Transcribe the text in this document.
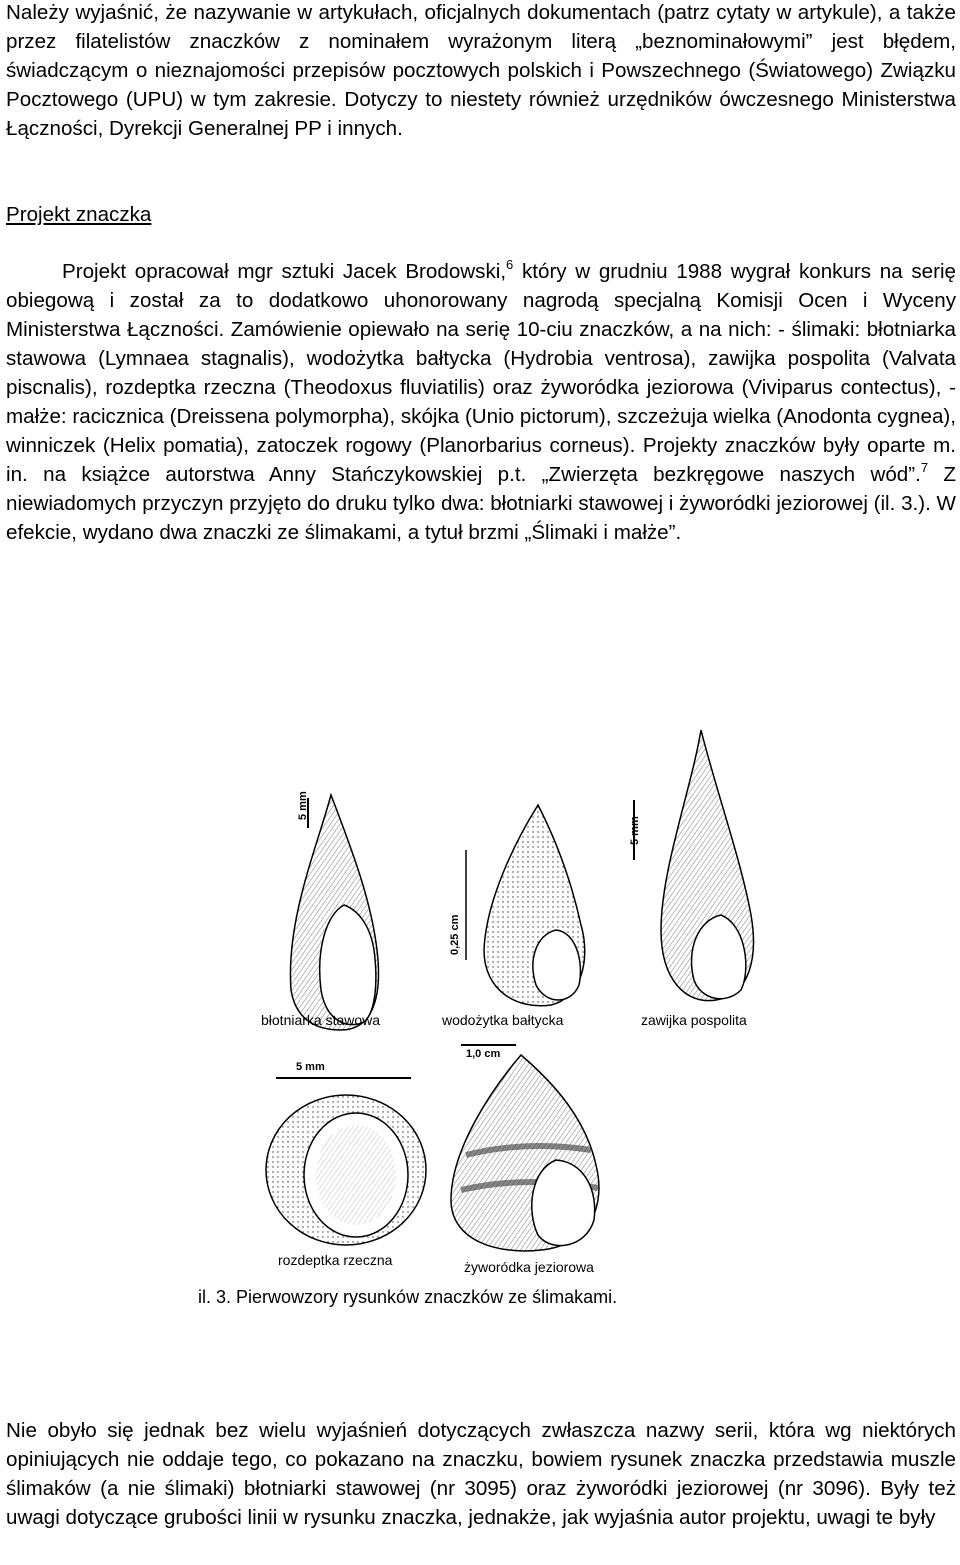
Należy wyjaśnić, że nazywanie w artykułach, oficjalnych dokumentach (patrz cytaty w artykule), a także przez filatelistów znaczków z nominałem wyrażonym literą „beznominałowymi” jest błędem, świadczącym o nieznajomości przepisów pocztowych polskich i Powszechnego (Światowego) Związku Pocztowego (UPU) w tym zakresie. Dotyczy to niestety również urzędników ówczesnego Ministerstwa Łączności, Dyrekcji Generalnej PP i innych.

Projekt znaczka

Projekt opracował mgr sztuki Jacek Brodowski,$^6$ który w grudniu 1988 wygrał konkurs na serię obiegową i został za to dodatkowo uhonorowany nagrodą specjalną Komisji Ocen i Wyceny Ministerstwa Łączności. Zamówienie opiewało na serię 10-ciu znaczków, a na nich: - ślimaki: błotniarka stawowa (Lymnaea stagnalis), wodożytka bałtycka (Hydrobia ventrosa), zawijka pospolita (Valvata piscnalis), rozdeptka rzeczna (Theodoxus fluviatilis) oraz żyworódka jeziorowa (Viviparus contectus), - małże: racicznica (Dreissena polymorpha), skójka (Unio pictorum), szczeżuja wielka (Anodonta cygnea), winniczek (Helix pomatia), zatoczek rogowy (Planorbarius corneus). Projekty znaczków były oparte m. in. na książce autorstwa Anny Stańczykowskiej p.t. „Zwierzęta bezkręgowe naszych wód”.$^7$ Z niewiadomych przyczyn przyjęto do druku tylko dwa: błotniarki stawowej i żyworódki jeziorowej (il. 3.). W efekcie, wydano dwa znaczki ze ślimakami, a tytuł brzmi „Ślimaki i małże”.

5 mm
błotniarka stawowa
0,25 cm
wodożytka bałtycka
5 mm
zawijka pospolita
5 mm
rozdeptka rzeczna
1,0 cm
żyworódka jeziorowa

il. 3. Pierwowzory rysunków znaczków ze ślimakami.

Nie obyło się jednak bez wielu wyjaśnień dotyczących zwłaszcza nazwy serii, która wg niektórych opiniujących nie oddaje tego, co pokazano na znaczku, bowiem rysunek znaczka przedstawia muszle ślimaków (a nie ślimaki) błotniarki stawowej (nr 3095) oraz żyworódki jeziorowej (nr 3096). Były też uwagi dotyczące grubości linii w rysunku znaczka, jednakże, jak wyjaśnia autor projektu, uwagi te były
